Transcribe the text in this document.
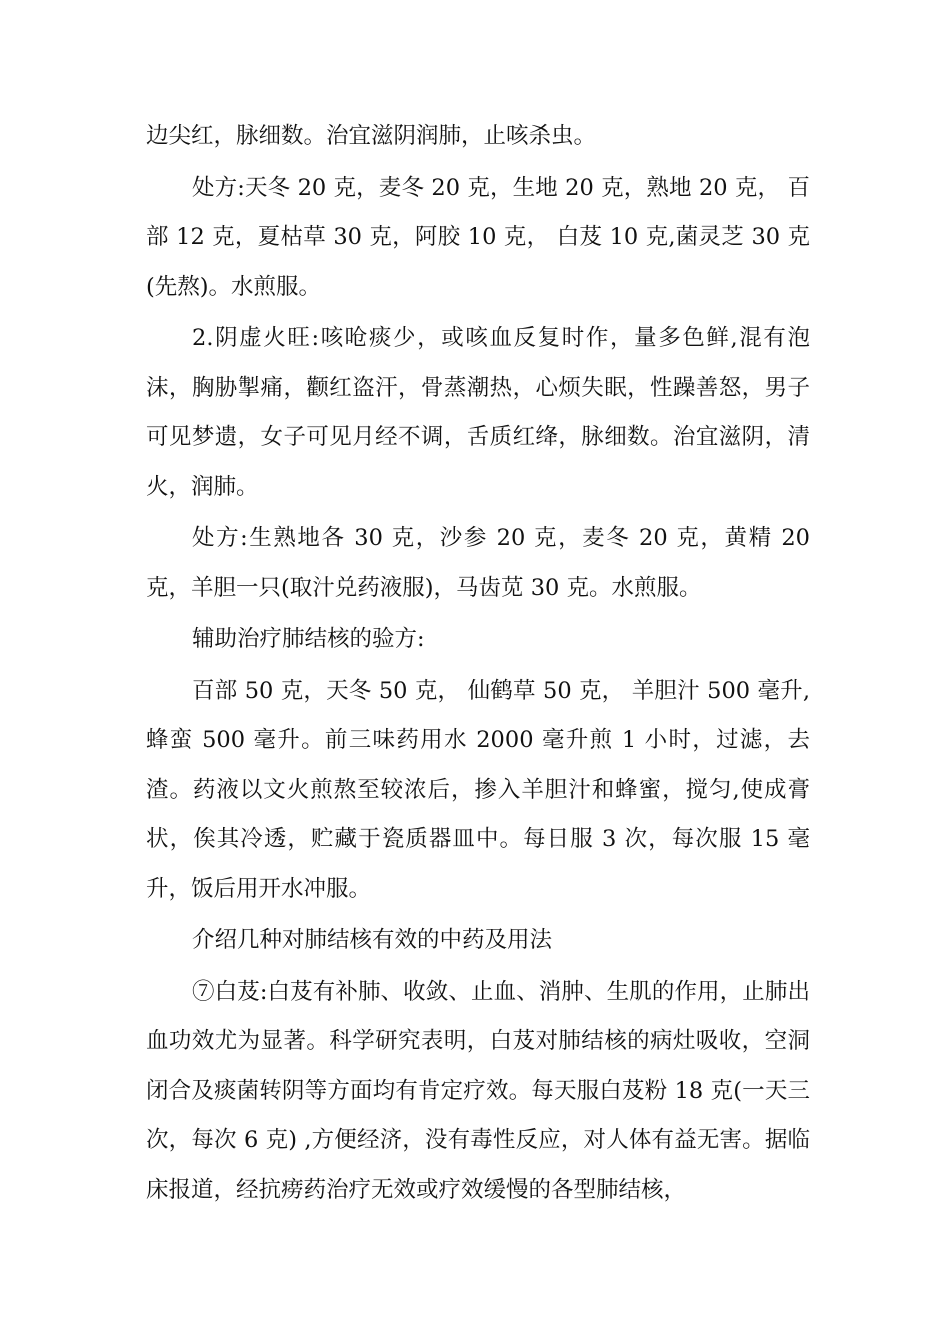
边尖红，脉细数。治宜滋阴润肺，止咳杀虫。

处方:天冬 20 克，麦冬 20 克，生地 20 克，熟地 20 克， 百部 12 克，夏枯草 30 克，阿胶 10 克， 白芨 10 克,菌灵芝 30 克(先熬)。水煎服。

2.阴虚火旺:咳呛痰少，或咳血反复时作，量多色鲜,混有泡沫，胸胁掣痛，颧红盗汗，骨蒸潮热，心烦失眠，性躁善怒，男子可见梦遗，女子可见月经不调，舌质红绛，脉细数。治宜滋阴，清火，润肺。

处方:生熟地各 30 克，沙参 20 克，麦冬 20 克，黄精 20 克，羊胆一只(取汁兑药液服)，马齿苋 30 克。水煎服。

辅助治疗肺结核的验方:

百部 50 克，天冬 50 克， 仙鹤草 50 克， 羊胆汁 500 毫升,蜂蛮 500 毫升。前三味药用水 2000 毫升煎 1 小时，过滤，去渣。药液以文火煎熬至较浓后，掺入羊胆汁和蜂蜜，搅匀,使成膏状，俟其冷透，贮藏于瓷质器皿中。每日服 3 次，每次服 15 毫升，饭后用开水冲服。

介绍几种对肺结核有效的中药及用法

⑦白芨:白芨有补肺、收敛、止血、消肿、生肌的作用，止肺出血功效尤为显著。科学研究表明，白芨对肺结核的病灶吸收，空洞闭合及痰菌转阴等方面均有肯定疗效。每天服白芨粉 18 克(一天三次，每次 6 克) ,方便经济，没有毒性反应，对人体有益无害。据临床报道，经抗痨药治疗无效或疗效缓慢的各型肺结核，
